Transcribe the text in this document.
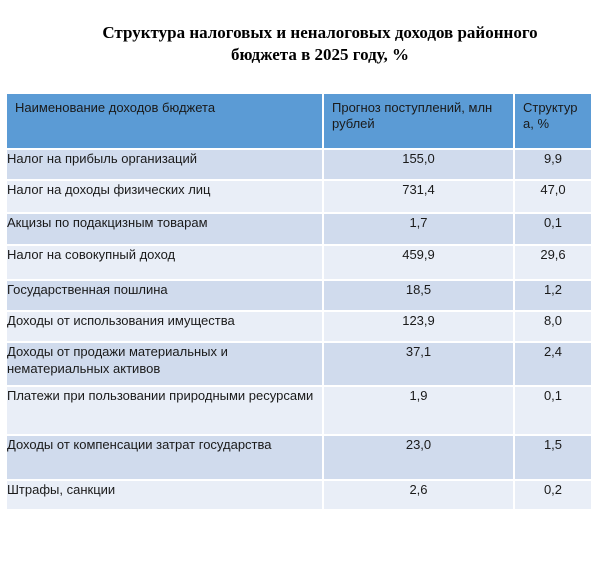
Структура налоговых и неналоговых доходов районного
бюджета в 2025 году, %
Наименование доходов бюджета	Прогноз поступлений, млн рублей	Структур а, %
Налог на прибыль организаций	155,0	9,9
Налог на доходы физических лиц	731,4	47,0
Акцизы по подакцизным товарам	1,7	0,1
Налог на совокупный доход	459,9	29,6
Государственная пошлина	18,5	1,2
Доходы от использования имущества	123,9	8,0
Доходы от продажи материальных и нематериальных активов	37,1	2,4
Платежи при пользовании природными ресурсами	1,9	0,1
Доходы от компенсации затрат государства	23,0	1,5
Штрафы, санкции	2,6	0,2
